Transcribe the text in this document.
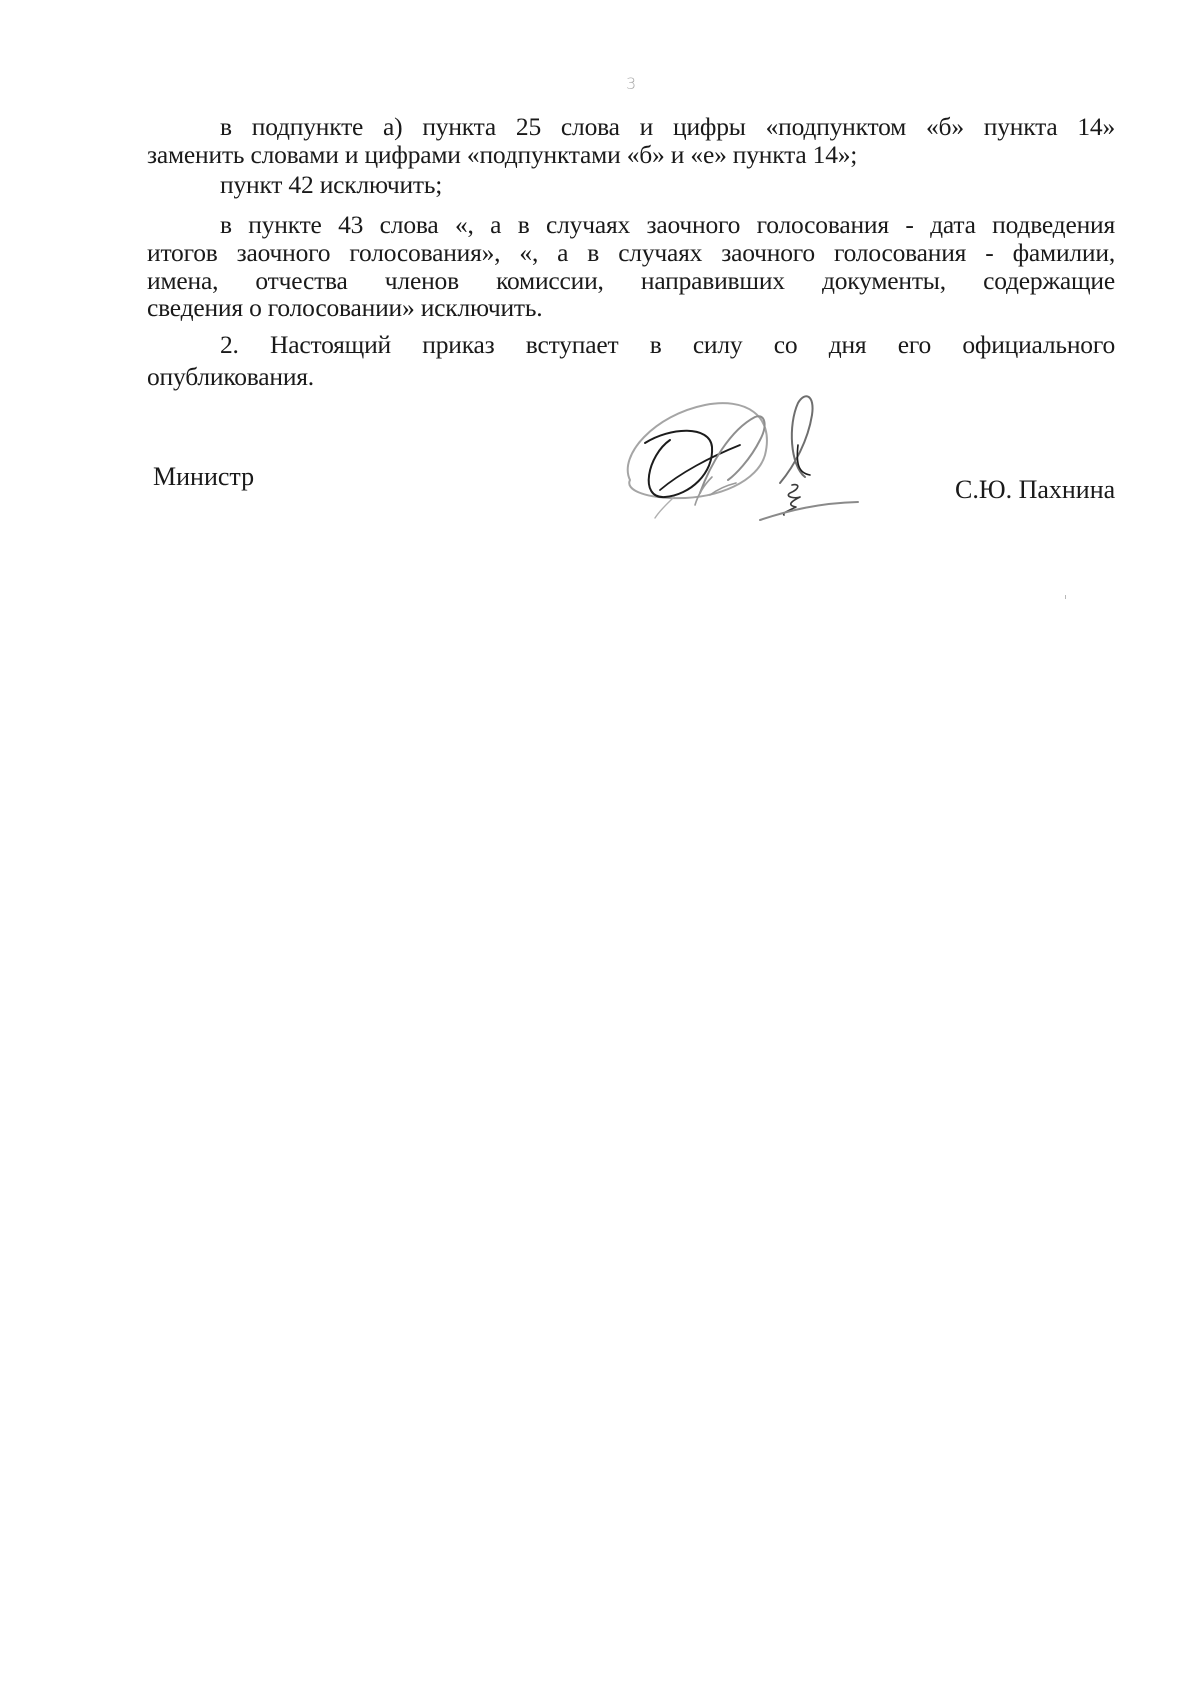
3
в подпункте а) пункта 25 слова и цифры «подпунктом «б» пункта 14»
заменить словами и цифрами «подпунктами «б» и «е» пункта 14»;
пункт 42 исключить;
в пункте 43 слова «, а в случаях заочного голосования - дата подведения
итогов заочного голосования», «, а в случаях заочного голосования - фамилии,
имена, отчества членов комиссии, направивших документы, содержащие
сведения о голосовании» исключить.
2. Настоящий приказ вступает в силу со дня его официального
опубликования.
Министр	С.Ю. Пахнина
